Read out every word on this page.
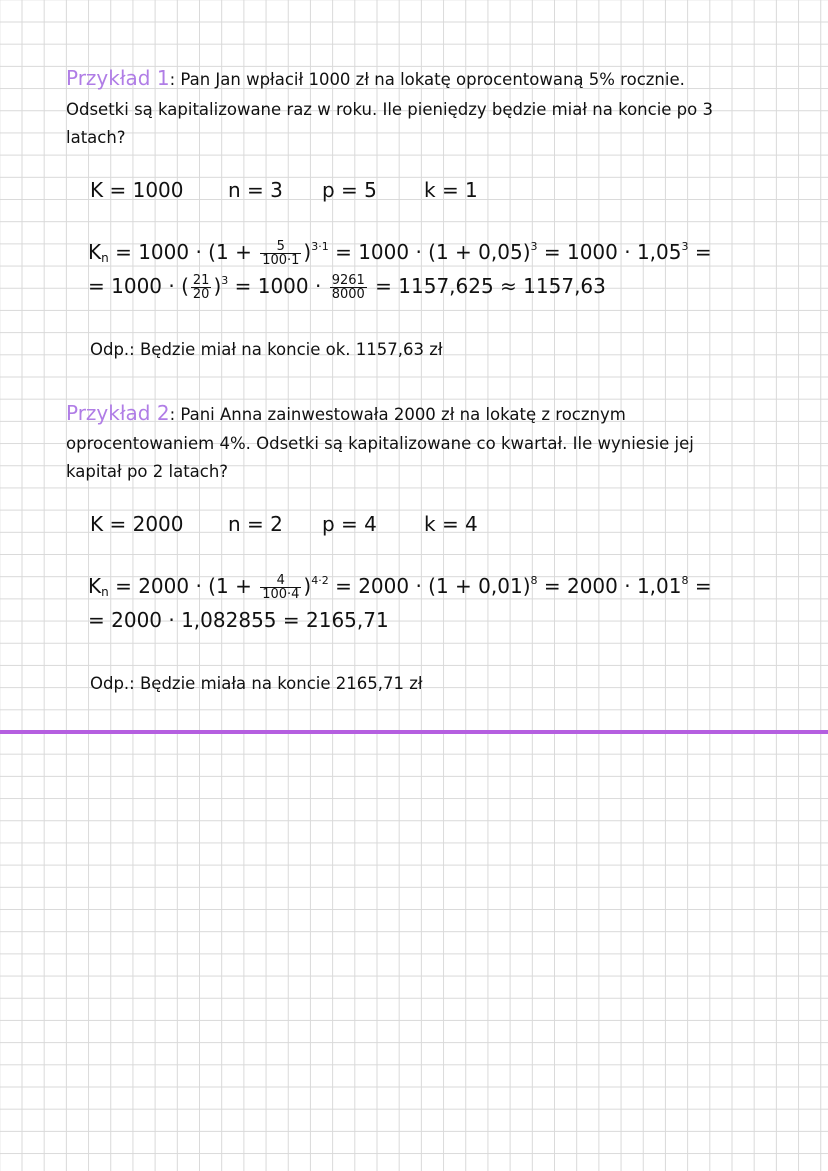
Przykład 1: Pan Jan wpłacił 1000 zł na lokatę oprocentowaną 5% rocznie.
Odsetki są kapitalizowane raz w roku. Ile pieniędzy będzie miał na koncie po 3
latach?
K = 1000 n = 3 p = 5 k = 1
$K_n = 1000 \cdot (1 + \frac{5}{100\cdot 1} )^{3\cdot 1} = 1000 \cdot (1 + 0,05)^3 = 1000 \cdot 1,05^3$ =
= 1000 · ( $\frac{21}{20} )^3 = 1000 \cdot \frac{9261}{8000} = 1157,625 \approx 1157,63$
Odp.: Będzie miał na koncie ok. 1157,63 zł
Przykład 2: Pani Anna zainwestowała 2000 zł na lokatę z rocznym
oprocentowaniem 4%. Odsetki są kapitalizowane co kwartał. Ile wyniesie jej
kapitał po 2 latach?
K = 2000 n = 2 p = 4 k = 4
$K_n = 2000 \cdot (1 + \frac{4}{100\cdot 4} )^{4\cdot 2} = 2000 \cdot (1 + 0,01)^8 = 2000 \cdot 1,01^8$ =
= 2000 · 1,082855 = 2165,71
Odp.: Będzie miała na koncie 2165,71 zł
